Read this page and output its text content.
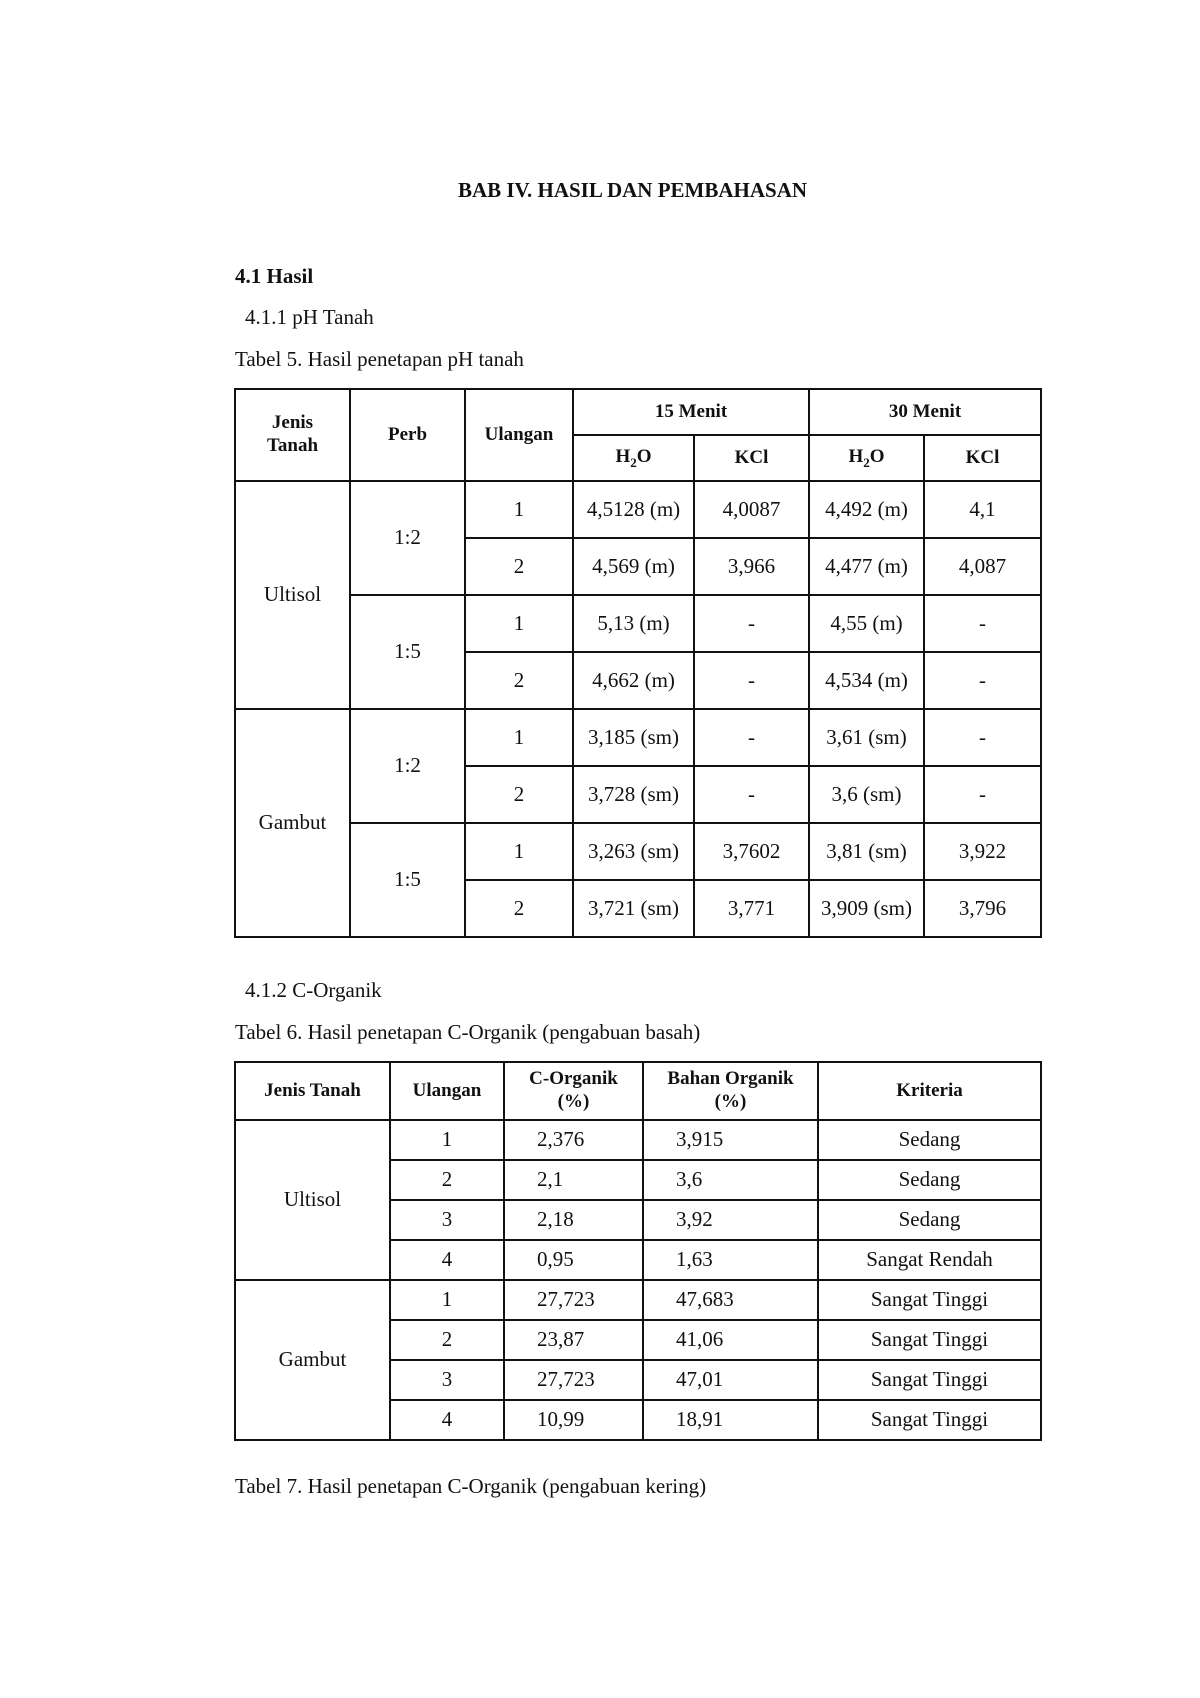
BAB IV. HASIL DAN PEMBAHASAN
4.1 Hasil
4.1.1 pH Tanah
Tabel 5. Hasil penetapan pH tanah
Jenis Tanah	Perb	Ulangan	15 Menit		30 Menit	
			$H_2O$	KCl	$H_2O$	KCl
Ultisol	1:2	1	4,5128 (m)	4,0087	4,492 (m)	4,1
		2	4,569 (m)	3,966	4,477 (m)	4,087
	1:5	1	5,13 (m)	-	4,55 (m)	-
		2	4,662 (m)	-	4,534 (m)	-
Gambut	1:2	1	3,185 (sm)	-	3,61 (sm)	-
		2	3,728 (sm)	-	3,6 (sm)	-
	1:5	1	3,263 (sm)	3,7602	3,81 (sm)	3,922
		2	3,721 (sm)	3,771	3,909 (sm)	3,796
4.1.2 C-Organik
Tabel 6. Hasil penetapan C-Organik (pengabuan basah)
Jenis Tanah	Ulangan	C-Organik (%)	Bahan Organik (%)	Kriteria
Ultisol	1	2,376	3,915	Sedang
	2	2,1	3,6	Sedang
	3	2,18	3,92	Sedang
	4	0,95	1,63	Sangat Rendah
Gambut	1	27,723	47,683	Sangat Tinggi
	2	23,87	41,06	Sangat Tinggi
	3	27,723	47,01	Sangat Tinggi
	4	10,99	18,91	Sangat Tinggi
Tabel 7. Hasil penetapan C-Organik (pengabuan kering)
